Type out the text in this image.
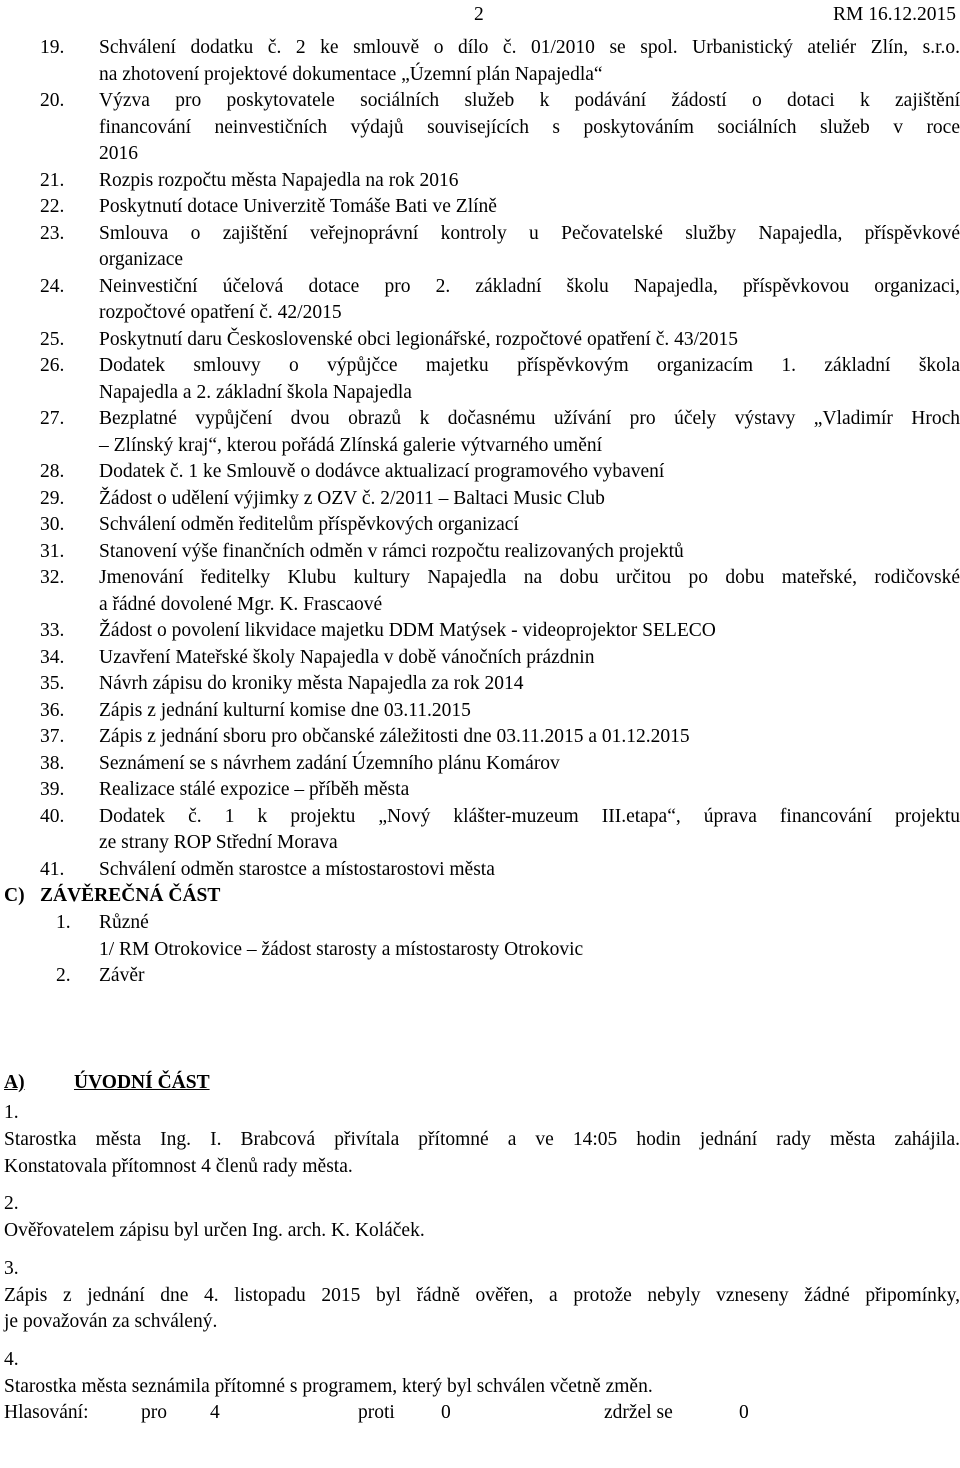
2	RM 16.12.2015
19. Schválení dodatku č. 2 ke smlouvě o dílo č. 01/2010 se spol. Urbanistický ateliér Zlín, s.r.o.
na zhotovení projektové dokumentace „Územní plán Napajedla“
20. Výzva pro poskytovatele sociálních služeb k podávání žádostí o dotaci k zajištění
financování neinvestičních výdajů souvisejících s poskytováním sociálních služeb v roce
2016
21. Rozpis rozpočtu města Napajedla na rok 2016
22. Poskytnutí dotace Univerzitě Tomáše Bati ve Zlíně
23. Smlouva o zajištění veřejnoprávní kontroly u Pečovatelské služby Napajedla, příspěvkové
organizace
24. Neinvestiční účelová dotace pro 2. základní školu Napajedla, příspěvkovou organizaci,
rozpočtové opatření č. 42/2015
25. Poskytnutí daru Československé obci legionářské, rozpočtové opatření č. 43/2015
26. Dodatek smlouvy o výpůjčce majetku příspěvkovým organizacím 1. základní škola
Napajedla a 2. základní škola Napajedla
27. Bezplatné vypůjčení dvou obrazů k dočasnému užívání pro účely výstavy „Vladimír Hroch
– Zlínský kraj“, kterou pořádá Zlínská galerie výtvarného umění
28. Dodatek č. 1 ke Smlouvě o dodávce aktualizací programového vybavení
29. Žádost o udělení výjimky z OZV č. 2/2011 – Baltaci Music Club
30. Schválení odměn ředitelům příspěvkových organizací
31. Stanovení výše finančních odměn v rámci rozpočtu realizovaných projektů
32. Jmenování ředitelky Klubu kultury Napajedla na dobu určitou po dobu mateřské, rodičovské
a řádné dovolené Mgr. K. Frascaové
33. Žádost o povolení likvidace majetku DDM Matýsek - videoprojektor SELECO
34. Uzavření Mateřské školy Napajedla v době vánočních prázdnin
35. Návrh zápisu do kroniky města Napajedla za rok 2014
36. Zápis z jednání kulturní komise dne 03.11.2015
37. Zápis z jednání sboru pro občanské záležitosti dne 03.11.2015 a 01.12.2015
38. Seznámení se s návrhem zadání Územního plánu Komárov
39. Realizace stálé expozice – příběh města
40. Dodatek č. 1 k projektu „Nový klášter-muzeum III.etapa“, úprava financování projektu
ze strany ROP Střední Morava
41. Schválení odměn starostce a místostarostovi města
C) ZÁVĚREČNÁ ČÁST
1. Různé
1/ RM Otrokovice – žádost starosty a místostarosty Otrokovic
2. Závěr
A)	ÚVODNÍ ČÁST
1.
Starostka města Ing. I. Brabcová přivítala přítomné a ve 14:05 hodin jednání rady města zahájila.
Konstatovala přítomnost 4 členů rady města.
2.
Ověřovatelem zápisu byl určen Ing. arch. K. Koláček.
3.
Zápis z jednání dne 4. listopadu 2015 byl řádně ověřen, a protože nebyly vzneseny žádné připomínky,
je považován za schválený.
4.
Starostka města seznámila přítomné s programem, který byl schválen včetně změn.
Hlasování:	pro 4	proti 0	zdržel se	0
